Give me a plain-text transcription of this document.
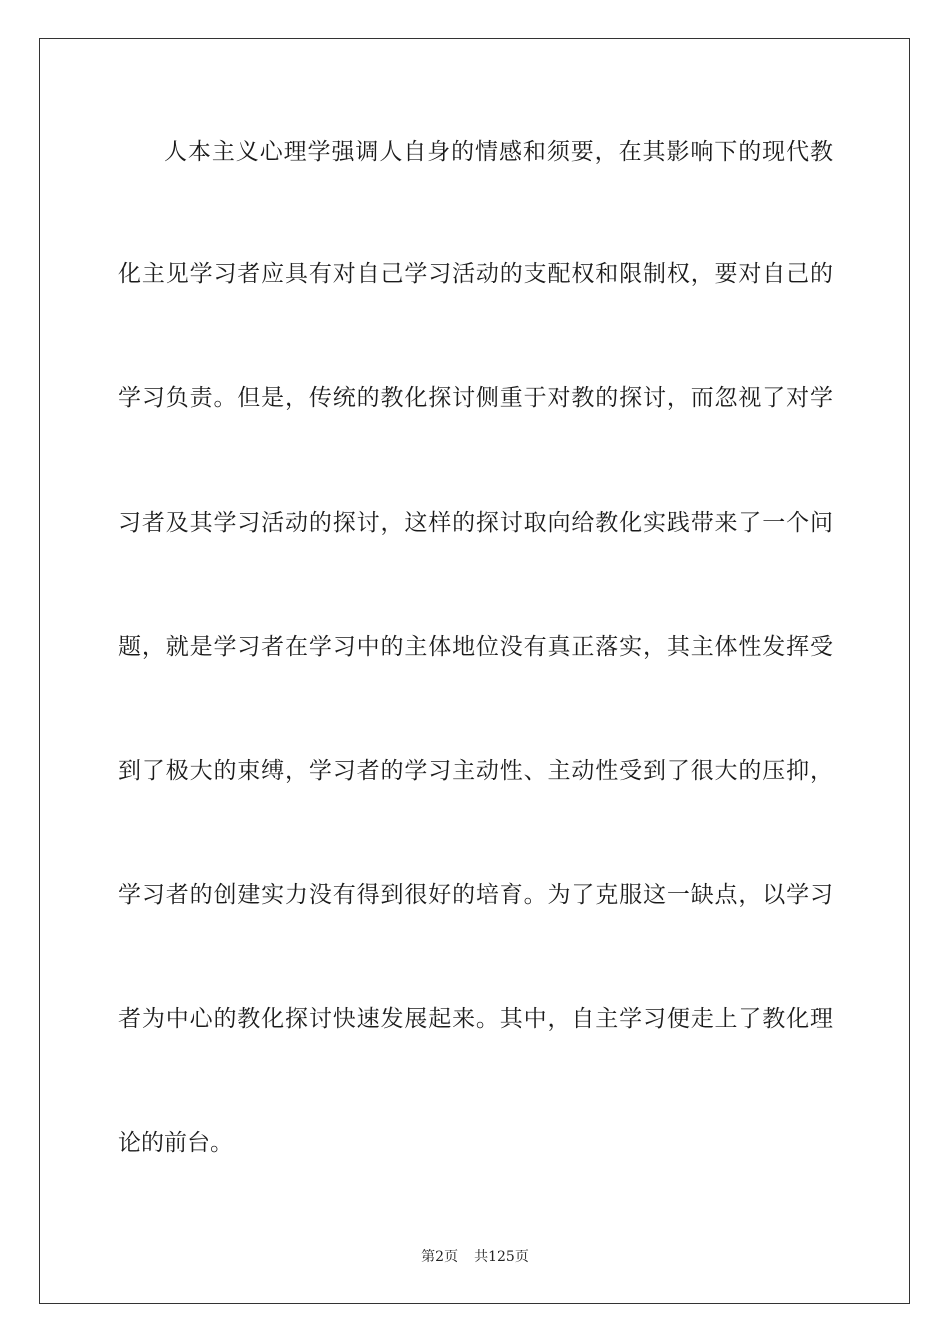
人本主义心理学强调人自身的情感和须要，在其影响下的现代教
化主见学习者应具有对自己学习活动的支配权和限制权，要对自己的
学习负责。但是，传统的教化探讨侧重于对教的探讨，而忽视了对学
习者及其学习活动的探讨，这样的探讨取向给教化实践带来了一个问
题，就是学习者在学习中的主体地位没有真正落实，其主体性发挥受
到了极大的束缚，学习者的学习主动性、主动性受到了很大的压抑，
学习者的创建实力没有得到很好的培育。为了克服这一缺点，以学习
者为中心的教化探讨快速发展起来。其中，自主学习便走上了教化理
论的前台。
第2页 共125页
